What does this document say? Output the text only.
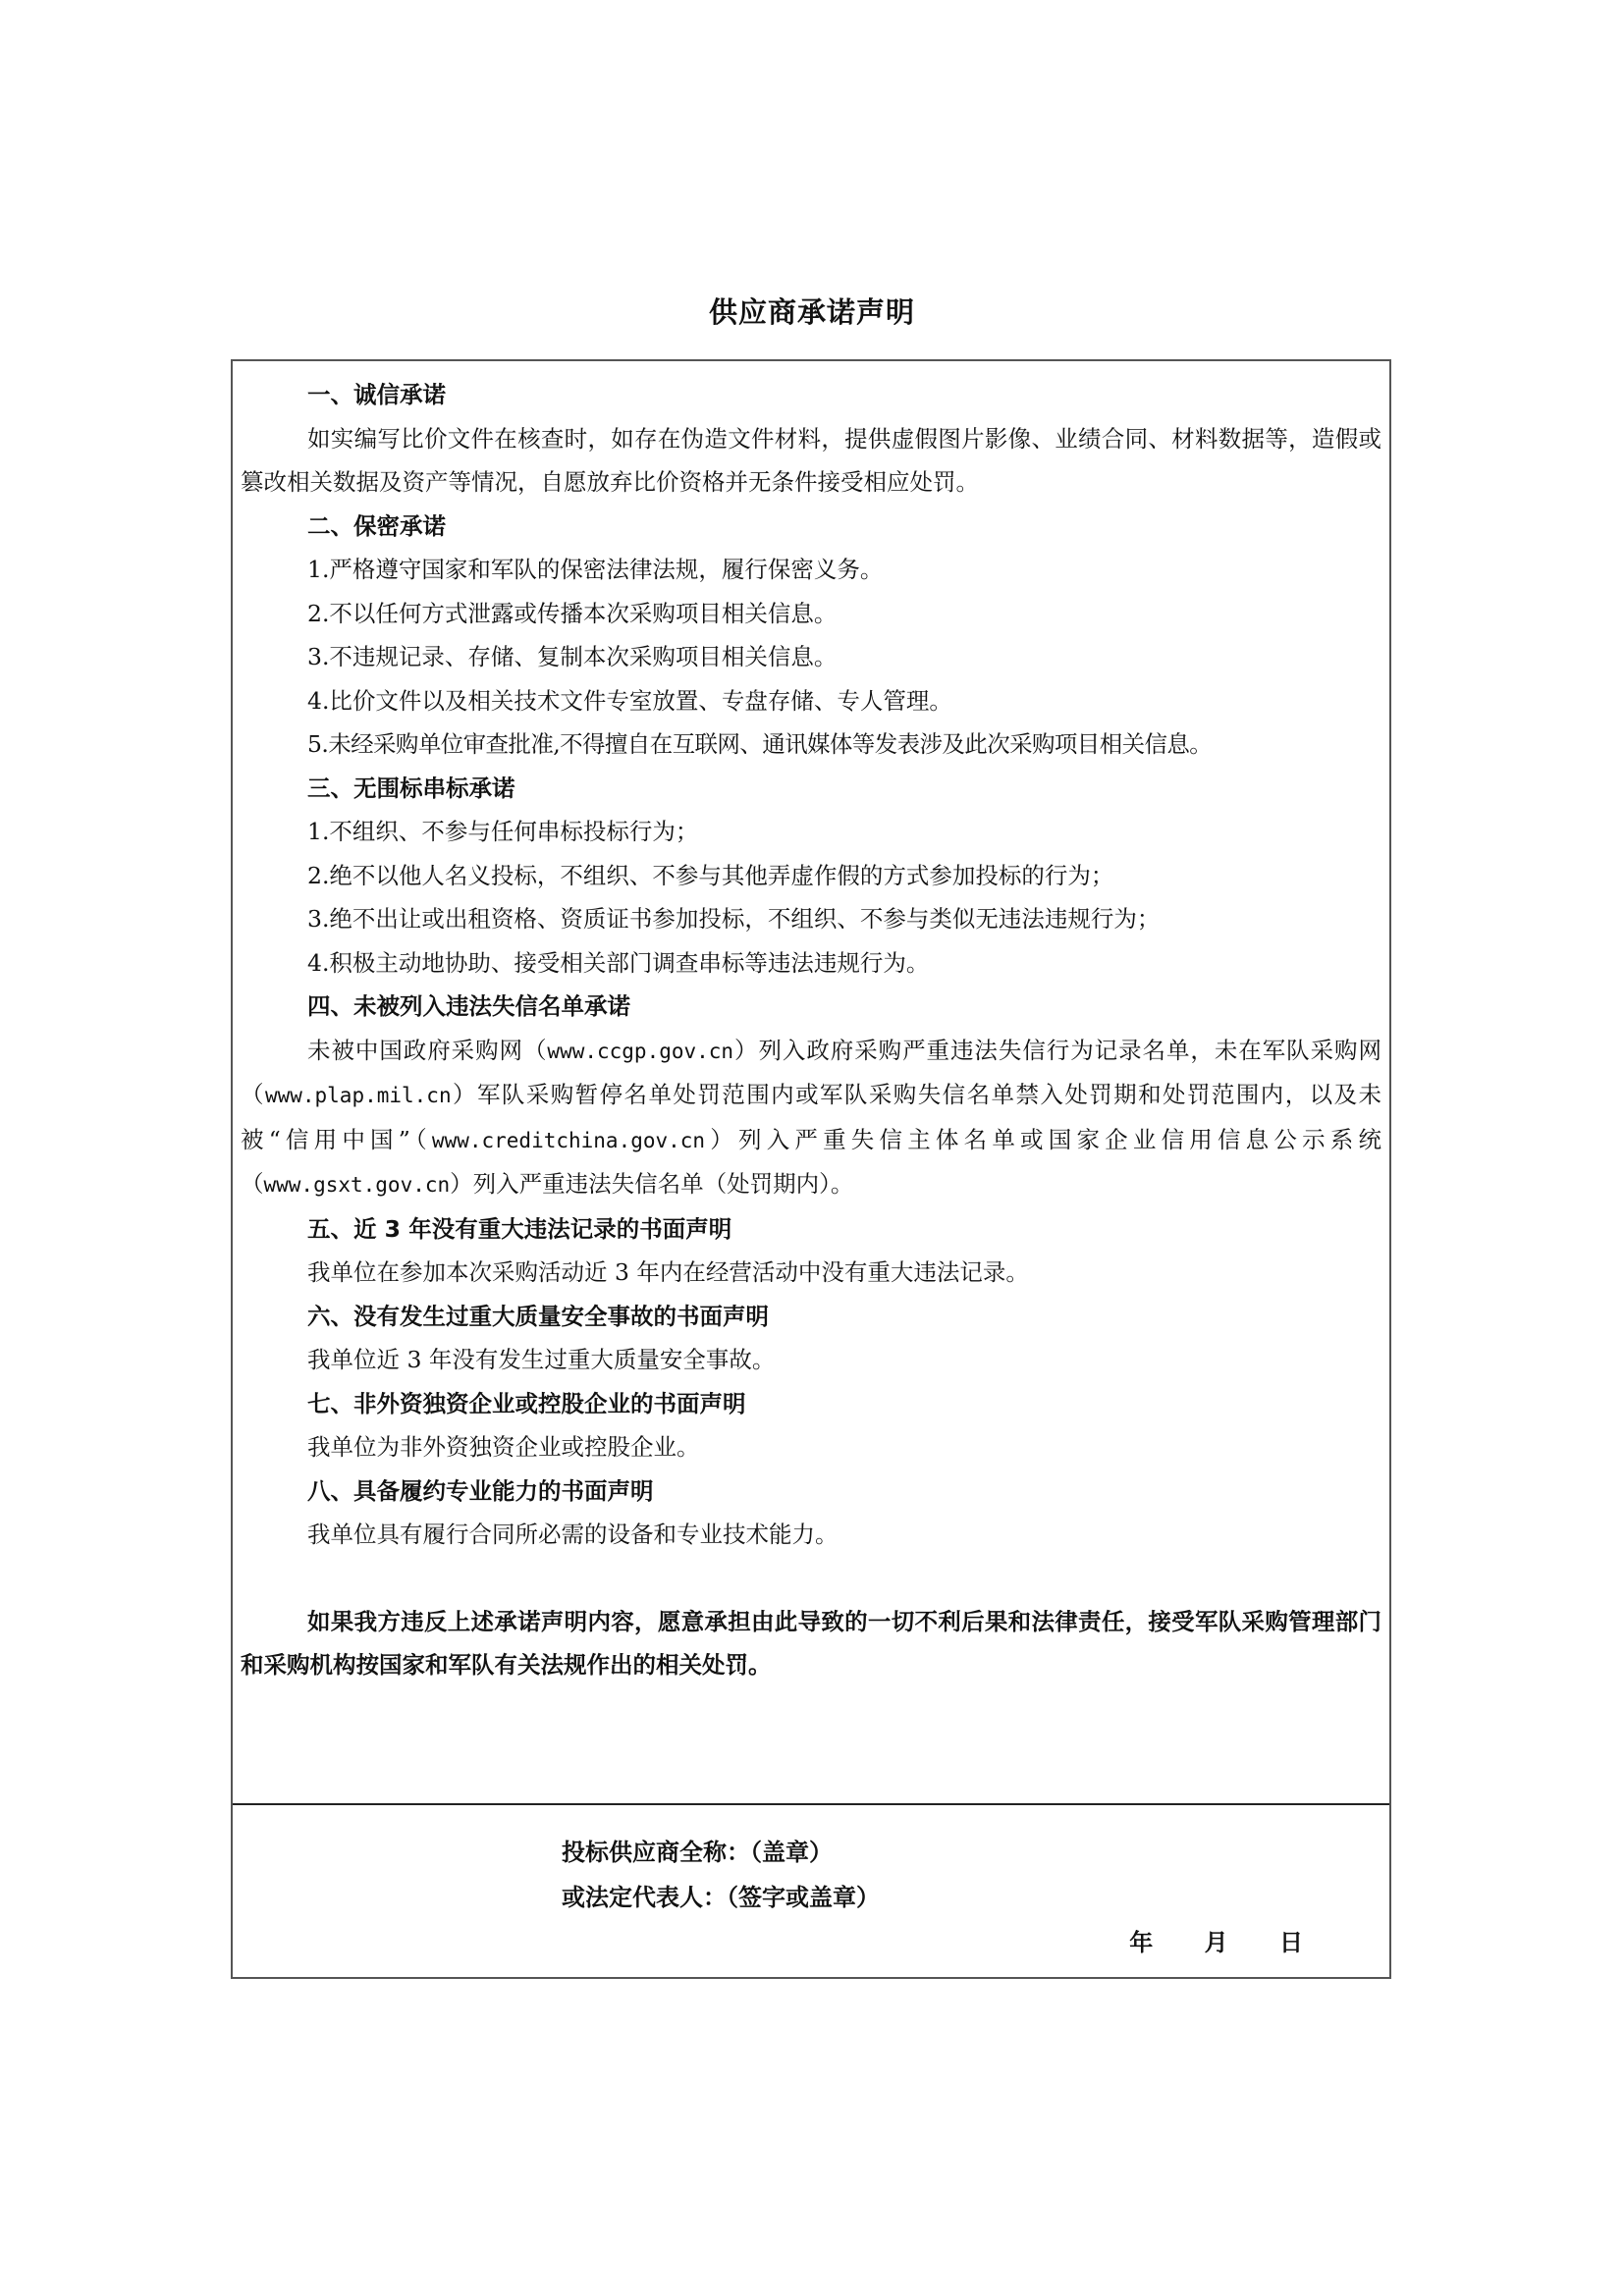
供应商承诺声明
一、诚信承诺
如实编写比价文件在核查时，如存在伪造文件材料，提供虚假图片影像、业绩合同、材料数据等，造假或篡改相关数据及资产等情况，自愿放弃比价资格并无条件接受相应处罚。
二、保密承诺
1.严格遵守国家和军队的保密法律法规，履行保密义务。
2.不以任何方式泄露或传播本次采购项目相关信息。
3.不违规记录、存储、复制本次采购项目相关信息。
4.比价文件以及相关技术文件专室放置、专盘存储、专人管理。
5.未经采购单位审查批准,不得擅自在互联网、通讯媒体等发表涉及此次采购项目相关信息。
三、无围标串标承诺
1.不组织、不参与任何串标投标行为；
2.绝不以他人名义投标，不组织、不参与其他弄虚作假的方式参加投标的行为；
3.绝不出让或出租资格、资质证书参加投标，不组织、不参与类似无违法违规行为；
4.积极主动地协助、接受相关部门调查串标等违法违规行为。
四、未被列入违法失信名单承诺
未被中国政府采购网（www.ccgp.gov.cn）列入政府采购严重违法失信行为记录名单，未在军队采购网（www.plap.mil.cn）军队采购暂停名单处罚范围内或军队采购失信名单禁入处罚期和处罚范围内，以及未被“信用中国”（www.creditchina.gov.cn）列入严重失信主体名单或国家企业信用信息公示系统（www.gsxt.gov.cn）列入严重违法失信名单（处罚期内）。
五、近 3 年没有重大违法记录的书面声明
我单位在参加本次采购活动近 3 年内在经营活动中没有重大违法记录。
六、没有发生过重大质量安全事故的书面声明
我单位近 3 年没有发生过重大质量安全事故。
七、非外资独资企业或控股企业的书面声明
我单位为非外资独资企业或控股企业。
八、具备履约专业能力的书面声明
我单位具有履行合同所必需的设备和专业技术能力。
如果我方违反上述承诺声明内容，愿意承担由此导致的一切不利后果和法律责任，接受军队采购管理部门和采购机构按国家和军队有关法规作出的相关处罚。
投标供应商全称：（盖章）
或法定代表人：（签字或盖章）
年 月 日
